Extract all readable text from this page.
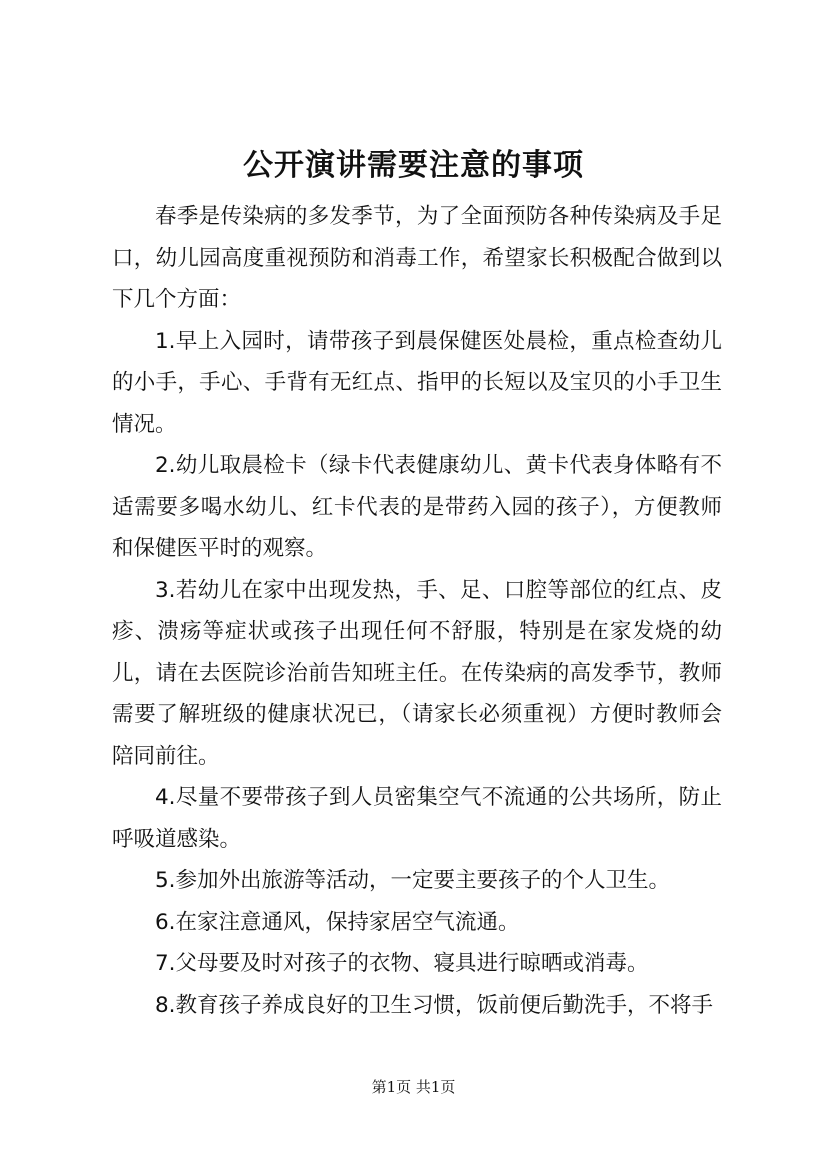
公开演讲需要注意的事项

春季是传染病的多发季节，为了全面预防各种传染病及手足口，幼儿园高度重视预防和消毒工作，希望家长积极配合做到以下几个方面：

1.早上入园时，请带孩子到晨保健医处晨检，重点检查幼儿的小手，手心、手背有无红点、指甲的长短以及宝贝的小手卫生情况。

2.幼儿取晨检卡（绿卡代表健康幼儿、黄卡代表身体略有不适需要多喝水幼儿、红卡代表的是带药入园的孩子），方便教师和保健医平时的观察。

3.若幼儿在家中出现发热，手、足、口腔等部位的红点、皮疹、溃疡等症状或孩子出现任何不舒服，特别是在家发烧的幼儿，请在去医院诊治前告知班主任。在传染病的高发季节，教师需要了解班级的健康状况已，（请家长必须重视）方便时教师会陪同前往。

4.尽量不要带孩子到人员密集空气不流通的公共场所，防止呼吸道感染。

5.参加外出旅游等活动，一定要主要孩子的个人卫生。

6.在家注意通风，保持家居空气流通。

7.父母要及时对孩子的衣物、寝具进行晾晒或消毒。

8.教育孩子养成良好的卫生习惯，饭前便后勤洗手，不将手

第1页 共1页
